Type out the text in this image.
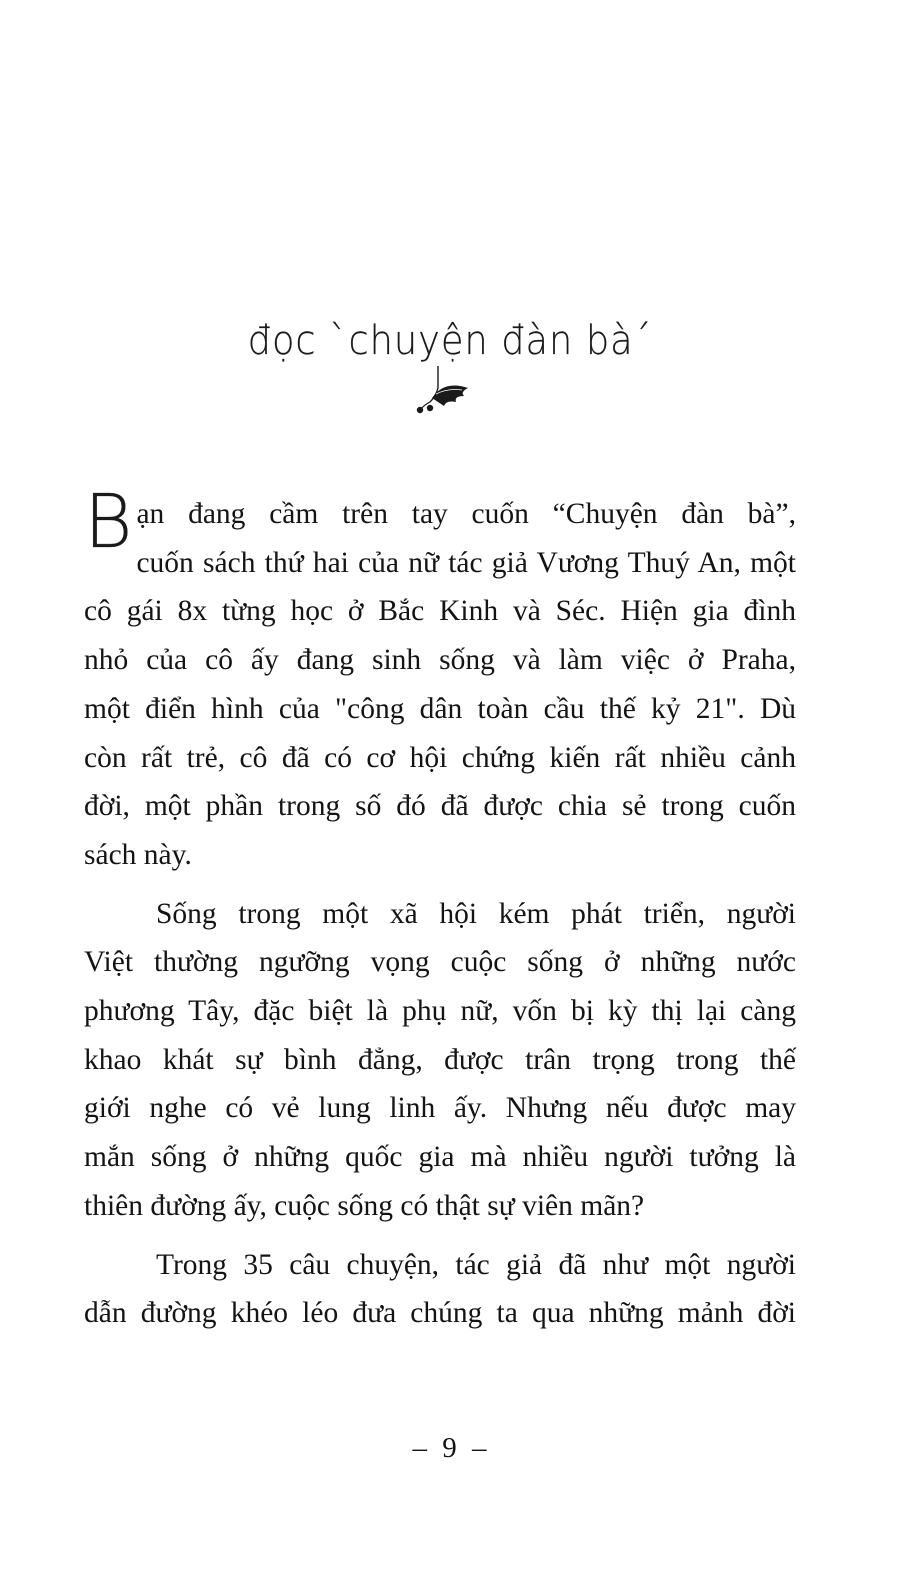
đọc `chuyện đàn bà´
B ạn đang cầm trên tay cuốn “Chuyện đàn bà”,
cuốn sách thứ hai của nữ tác giả Vương Thuý An, một
cô gái 8x từng học ở Bắc Kinh và Séc. Hiện gia đình
nhỏ của cô ấy đang sinh sống và làm việc ở Praha,
một điển hình của "công dân toàn cầu thế kỷ 21". Dù
còn rất trẻ, cô đã có cơ hội chứng kiến rất nhiều cảnh
đời, một phần trong số đó đã được chia sẻ trong cuốn
sách này.
Sống trong một xã hội kém phát triển, người
Việt thường ngưỡng vọng cuộc sống ở những nước
phương Tây, đặc biệt là phụ nữ, vốn bị kỳ thị lại càng
khao khát sự bình đẳng, được trân trọng trong thế
giới nghe có vẻ lung linh ấy. Nhưng nếu được may
mắn sống ở những quốc gia mà nhiều người tưởng là
thiên đường ấy, cuộc sống có thật sự viên mãn?
Trong 35 câu chuyện, tác giả đã như một người
dẫn đường khéo léo đưa chúng ta qua những mảnh đời
– 9 –
